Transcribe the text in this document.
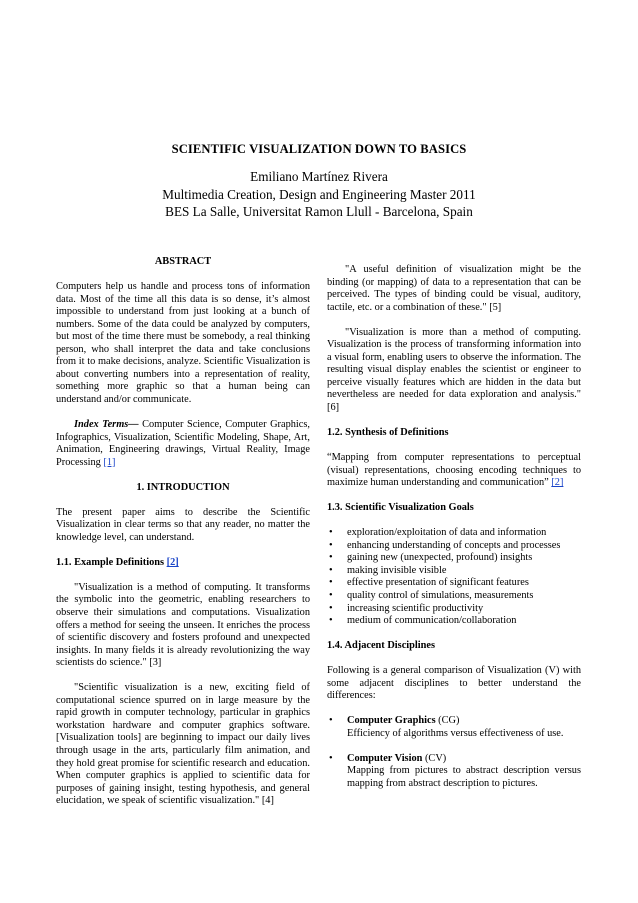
SCIENTIFIC VISUALIZATION DOWN TO BASICS
Emiliano Martínez Rivera
Multimedia Creation, Design and Engineering Master 2011
BES La Salle, Universitat Ramon Llull - Barcelona, Spain
ABSTRACT

Computers help us handle and process tons of information data. Most of the time all this data is so dense, it’s almost impossible to understand from just looking at a bunch of numbers. Some of the data could be analyzed by computers, but most of the time there must be somebody, a real thinking person, who shall interpret the data and take conclusions from it to make decisions, analyze. Scientific Visualization is about converting numbers into a representation of reality, something more graphic so that a human being can understand and/or communicate.

Index Terms— Computer Science, Computer Graphics, Infographics, Visualization, Scientific Modeling, Shape, Art, Animation, Engineering drawings, Virtual Reality, Image Processing [1]

1. INTRODUCTION

The present paper aims to describe the Scientific Visualization in clear terms so that any reader, no matter the knowledge level, can understand.

1.1. Example Definitions [2]

"Visualization is a method of computing. It transforms the symbolic into the geometric, enabling researchers to observe their simulations and computations. Visualization offers a method for seeing the unseen. It enriches the process of scientific discovery and fosters profound and unexpected insights. In many fields it is already revolutionizing the way scientists do science." [3]

"Scientific visualization is a new, exciting field of computational science spurred on in large measure by the rapid growth in computer technology, particular in graphics workstation hardware and computer graphics software. [Visualization tools] are beginning to impact our daily lives through usage in the arts, particularly film animation, and they hold great promise for scientific research and education. When computer graphics is applied to scientific data for purposes of gaining insight, testing hypothesis, and general elucidation, we speak of scientific visualization." [4]

"A useful definition of visualization might be the binding (or mapping) of data to a representation that can be perceived. The types of binding could be visual, auditory, tactile, etc. or a combination of these." [5]

"Visualization is more than a method of computing. Visualization is the process of transforming information into a visual form, enabling users to observe the information. The resulting visual display enables the scientist or engineer to perceive visually features which are hidden in the data but nevertheless are needed for data exploration and analysis." [6]

1.2. Synthesis of Definitions

“Mapping from computer representations to perceptual (visual) representations, choosing encoding techniques to maximize human understanding and communication” [2]

1.3. Scientific Visualization Goals
• exploration/exploitation of data and information
• enhancing understanding of concepts and processes
• gaining new (unexpected, profound) insights
• making invisible visible
• effective presentation of significant features
• quality control of simulations, measurements
• increasing scientific productivity
• medium of communication/collaboration
1.4. Adjacent Disciplines

Following is a general comparison of Visualization (V) with some adjacent disciplines to better understand the differences:

• Computer Graphics (CG)
Efficiency of algorithms versus effectiveness of use.
• Computer Vision (CV)
Mapping from pictures to abstract description versus mapping from abstract description to pictures.
